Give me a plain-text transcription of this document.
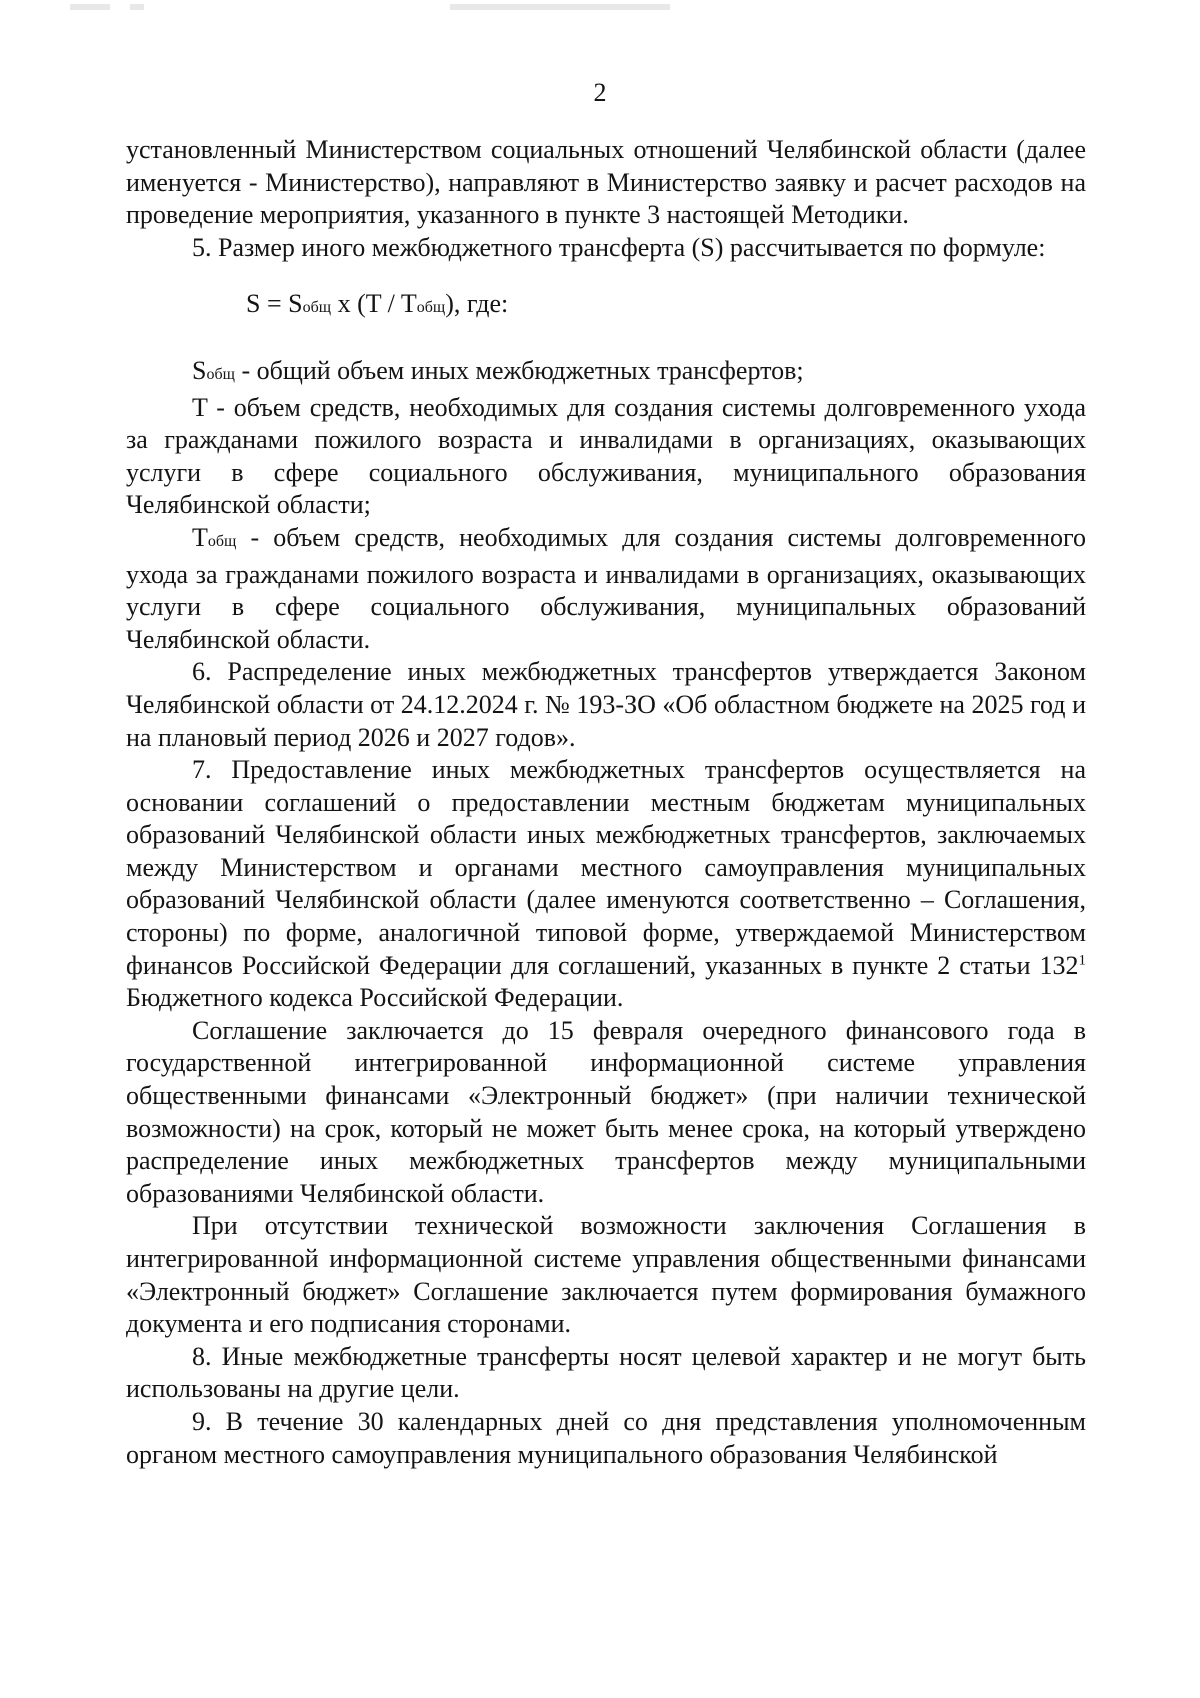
2

установленный Министерством социальных отношений Челябинской области (далее именуется - Министерство), направляют в Министерство заявку и расчет расходов на проведение мероприятия, указанного в пункте 3 настоящей Методики.

5. Размер иного межбюджетного трансферта (S) рассчитывается по формуле:

S = Sобщ x (T / Tобщ), где:

Sобщ - общий объем иных межбюджетных трансфертов;

T - объем средств, необходимых для создания системы долговременного ухода за гражданами пожилого возраста и инвалидами в организациях, оказывающих услуги в сфере социального обслуживания, муниципального образования Челябинской области;

Tобщ - объем средств, необходимых для создания системы долговременного ухода за гражданами пожилого возраста и инвалидами в организациях, оказывающих услуги в сфере социального обслуживания, муниципальных образований Челябинской области.

6. Распределение иных межбюджетных трансфертов утверждается Законом Челябинской области от 24.12.2024 г. № 193-ЗО «Об областном бюджете на 2025 год и на плановый период 2026 и 2027 годов».

7. Предоставление иных межбюджетных трансфертов осуществляется на основании соглашений о предоставлении местным бюджетам муниципальных образований Челябинской области иных межбюджетных трансфертов, заключаемых между Министерством и органами местного самоуправления муниципальных образований Челябинской области (далее именуются соответственно – Соглашения, стороны) по форме, аналогичной типовой форме, утверждаемой Министерством финансов Российской Федерации для соглашений, указанных в пункте 2 статьи $132^1$ Бюджетного кодекса Российской Федерации.

Соглашение заключается до 15 февраля очередного финансового года в государственной интегрированной информационной системе управления общественными финансами «Электронный бюджет» (при наличии технической возможности) на срок, который не может быть менее срока, на который утверждено распределение иных межбюджетных трансфертов между муниципальными образованиями Челябинской области.

При отсутствии технической возможности заключения Соглашения в интегрированной информационной системе управления общественными финансами «Электронный бюджет» Соглашение заключается путем формирования бумажного документа и его подписания сторонами.

8. Иные межбюджетные трансферты носят целевой характер и не могут быть использованы на другие цели.

9. В течение 30 календарных дней со дня представления уполномоченным органом местного самоуправления муниципального образования Челябинской
